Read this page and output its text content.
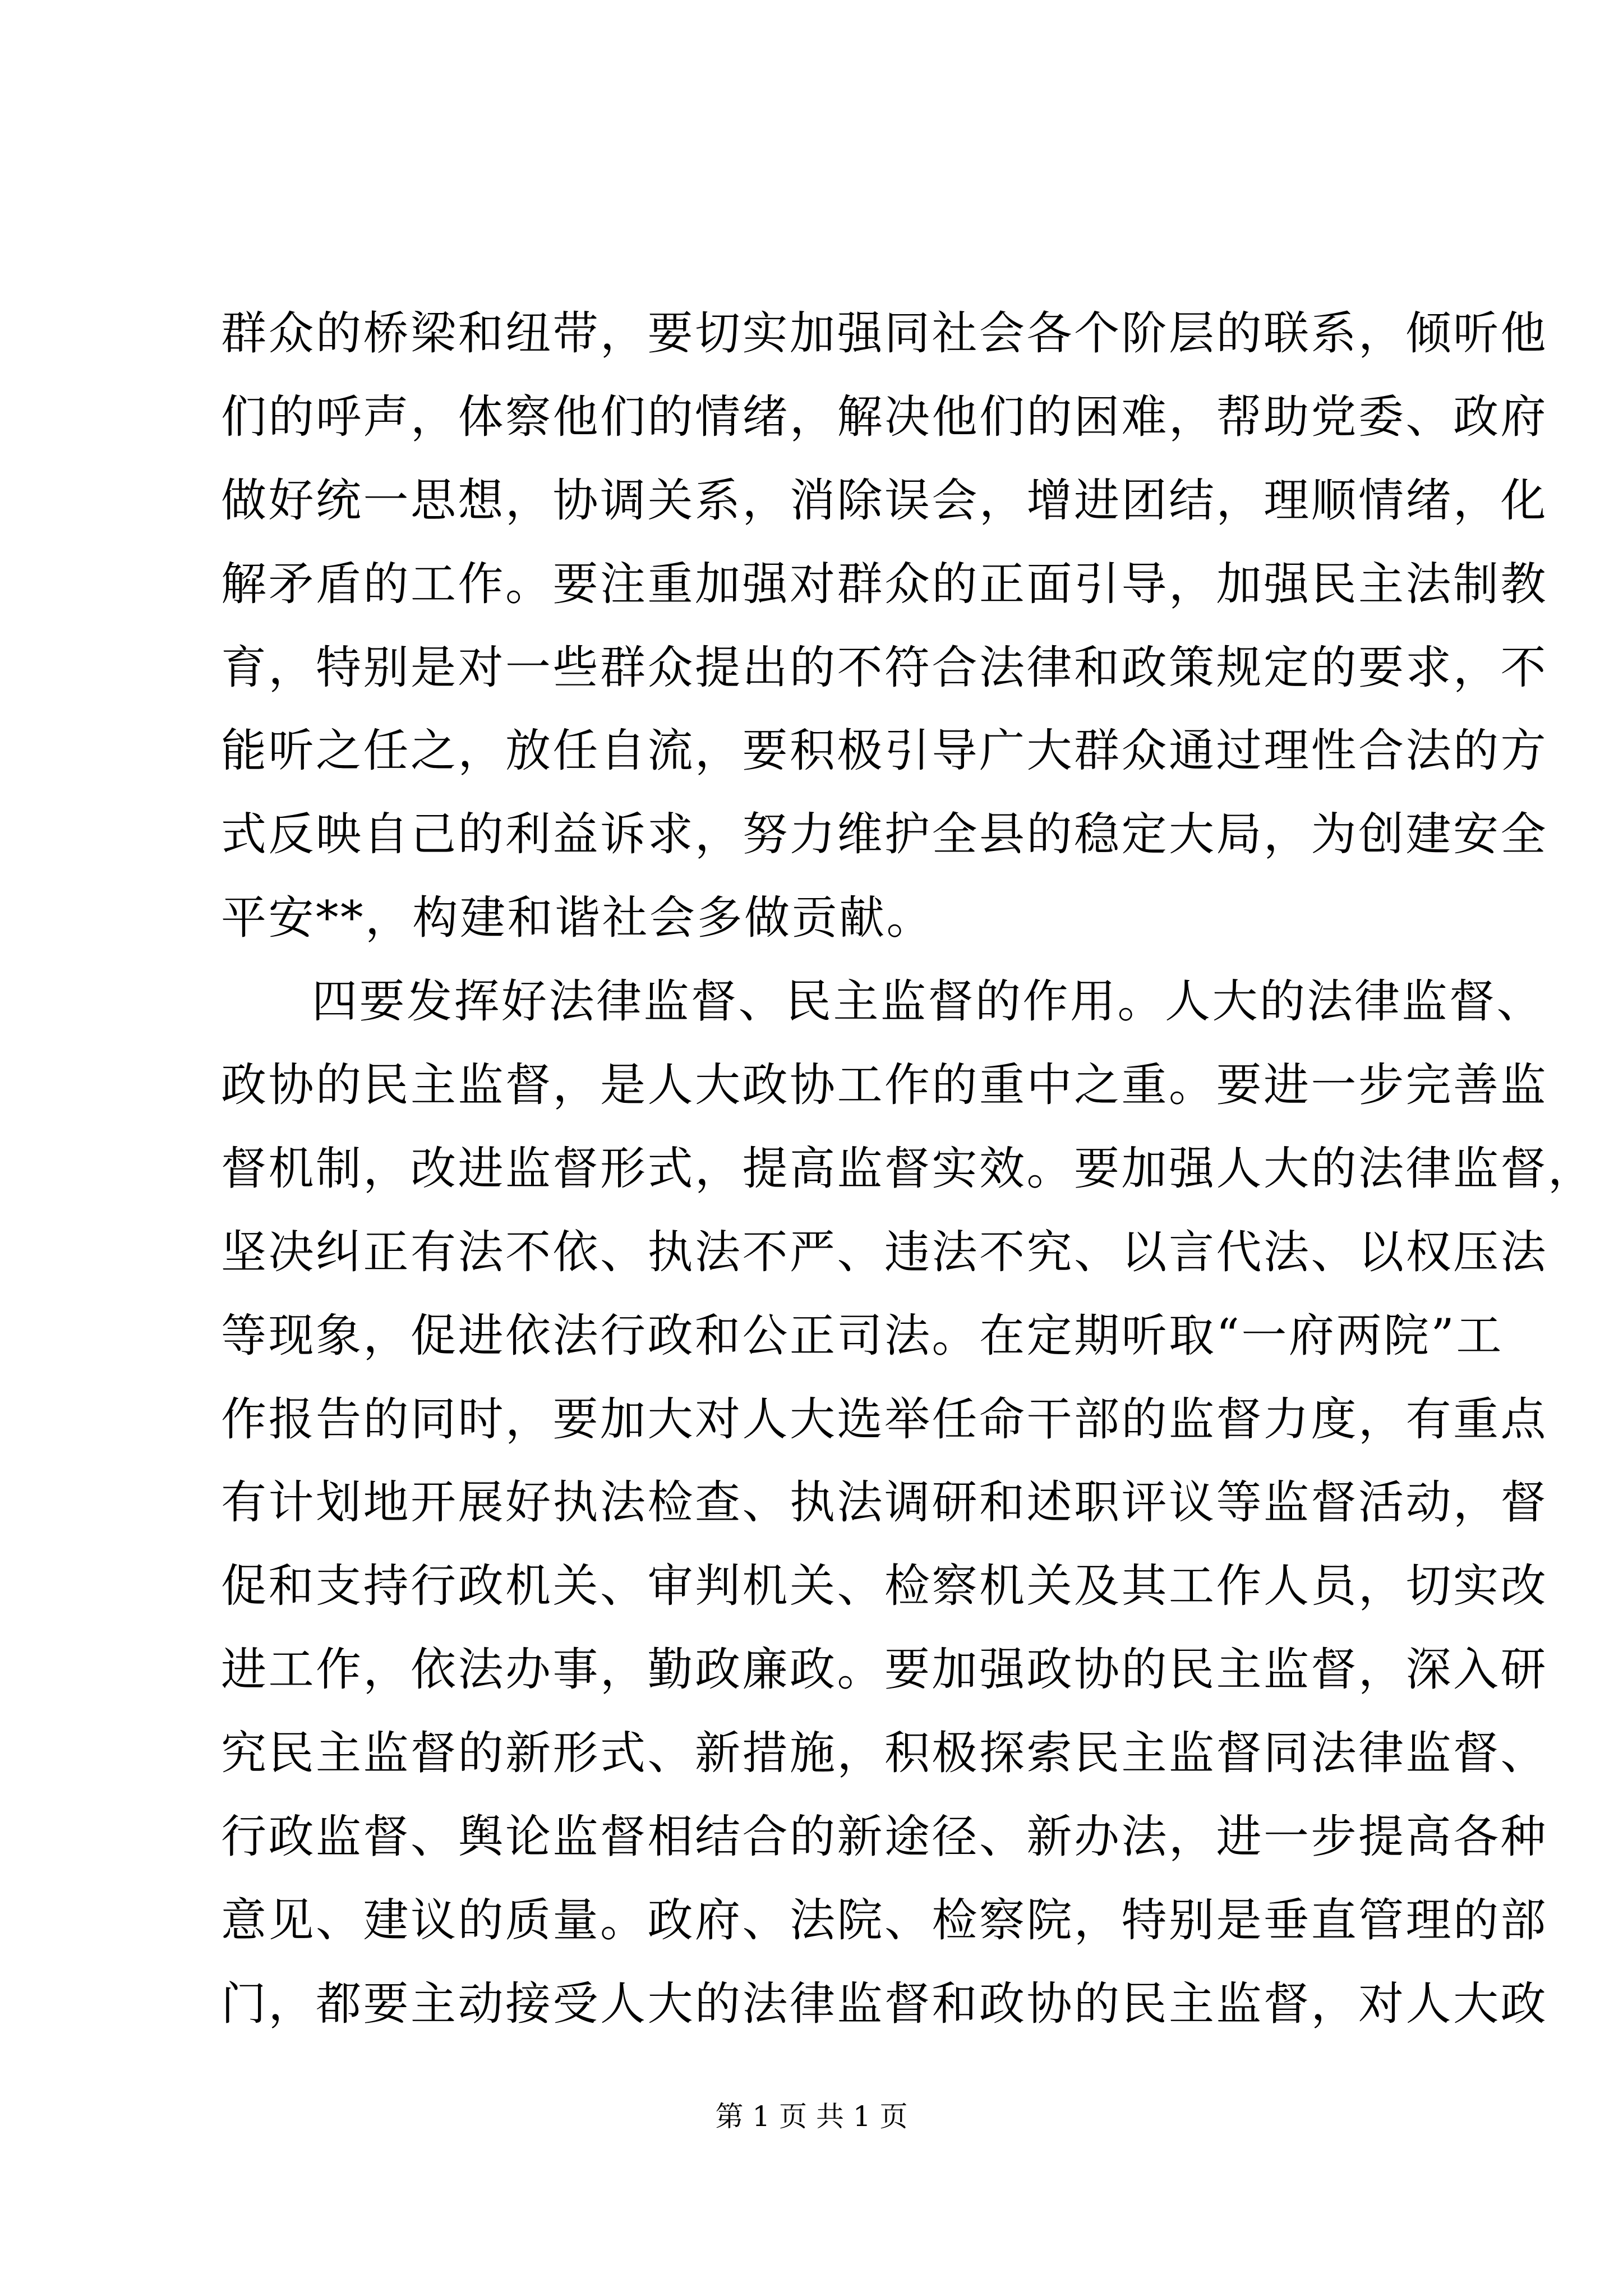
群众的桥梁和纽带，要切实加强同社会各个阶层的联系，倾听他
们的呼声，体察他们的情绪，解决他们的困难，帮助党委、政府
做好统一思想，协调关系，消除误会，增进团结，理顺情绪，化
解矛盾的工作。要注重加强对群众的正面引导，加强民主法制教
育，特别是对一些群众提出的不符合法律和政策规定的要求，不
能听之任之，放任自流，要积极引导广大群众通过理性合法的方
式反映自己的利益诉求，努力维护全县的稳定大局，为创建安全
平安**，构建和谐社会多做贡献。
四要发挥好法律监督、民主监督的作用。人大的法律监督、
政协的民主监督，是人大政协工作的重中之重。要进一步完善监
督机制，改进监督形式，提高监督实效。要加强人大的法律监督，
坚决纠正有法不依、执法不严、违法不究、以言代法、以权压法
等现象，促进依法行政和公正司法。在定期听取“一府两院”工
作报告的同时，要加大对人大选举任命干部的监督力度，有重点
有计划地开展好执法检查、执法调研和述职评议等监督活动，督
促和支持行政机关、审判机关、检察机关及其工作人员，切实改
进工作，依法办事，勤政廉政。要加强政协的民主监督，深入研
究民主监督的新形式、新措施，积极探索民主监督同法律监督、
行政监督、舆论监督相结合的新途径、新办法，进一步提高各种
意见、建议的质量。政府、法院、检察院，特别是垂直管理的部
门，都要主动接受人大的法律监督和政协的民主监督，对人大政
第 1 页 共 1 页
